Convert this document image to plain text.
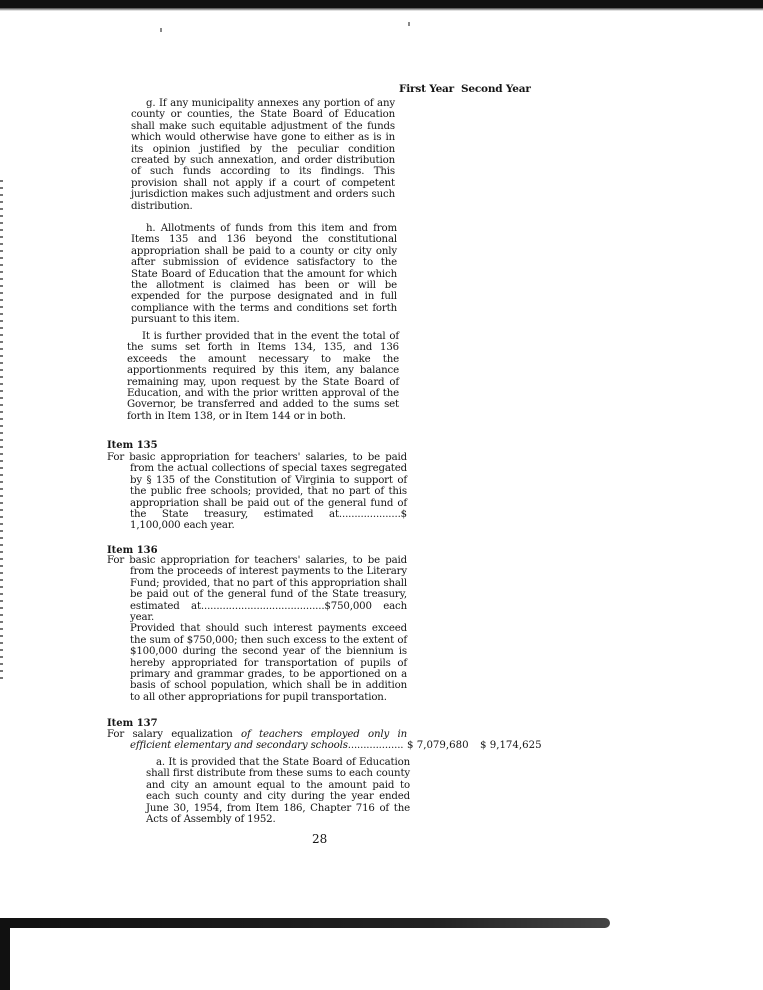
First Year Second Year

g. If any municipality annexes any portion of any county or counties, the State Board of Education shall make such equitable adjustment of the funds which would otherwise have gone to either as is in its opinion justified by the peculiar condition created by such annexation, and order distribution of such funds according to its findings. This provision shall not apply if a court of competent jurisdiction makes such adjustment and orders such distribution.

h. Allotments of funds from this item and from Items 135 and 136 beyond the constitutional appropriation shall be paid to a county or city only after submission of evidence satisfactory to the State Board of Education that the amount for which the allotment is claimed has been or will be expended for the purpose designated and in full compliance with the terms and conditions set forth pursuant to this item.

It is further provided that in the event the total of the sums set forth in Items 134, 135, and 136 exceeds the amount necessary to make the apportionments required by this item, any balance remaining may, upon request by the State Board of Education, and with the prior written approval of the Governor, be transferred and added to the sums set forth in Item 138, or in Item 144 or in both.

Item 135

For basic appropriation for teachers' salaries, to be paid from the actual collections of special taxes segregated by § 135 of the Constitution of Virginia to support of the public free schools; provided, that no part of this appropriation shall be paid out of the general fund of the State treasury, estimated at....................$ 1,100,000 each year.

Item 136

For basic appropriation for teachers' salaries, to be paid from the proceeds of interest payments to the Literary Fund; provided, that no part of this appropriation shall be paid out of the general fund of the State treasury, estimated at........................................$750,000 each year.
Provided that should such interest payments exceed the sum of $750,000; then such excess to the extent of $100,000 during the second year of the biennium is hereby appropriated for transportation of pupils of primary and grammar grades, to be apportioned on a basis of school population, which shall be in addition to all other appropriations for pupil transportation.

Item 137

For salary equalization of teachers employed only in efficient elementary and secondary schools.................. $ 7,079,680 $ 9,174,625

a. It is provided that the State Board of Education shall first distribute from these sums to each county and city an amount equal to the amount paid to each such county and city during the year ended June 30, 1954, from Item 186, Chapter 716 of the Acts of Assembly of 1952.

28
